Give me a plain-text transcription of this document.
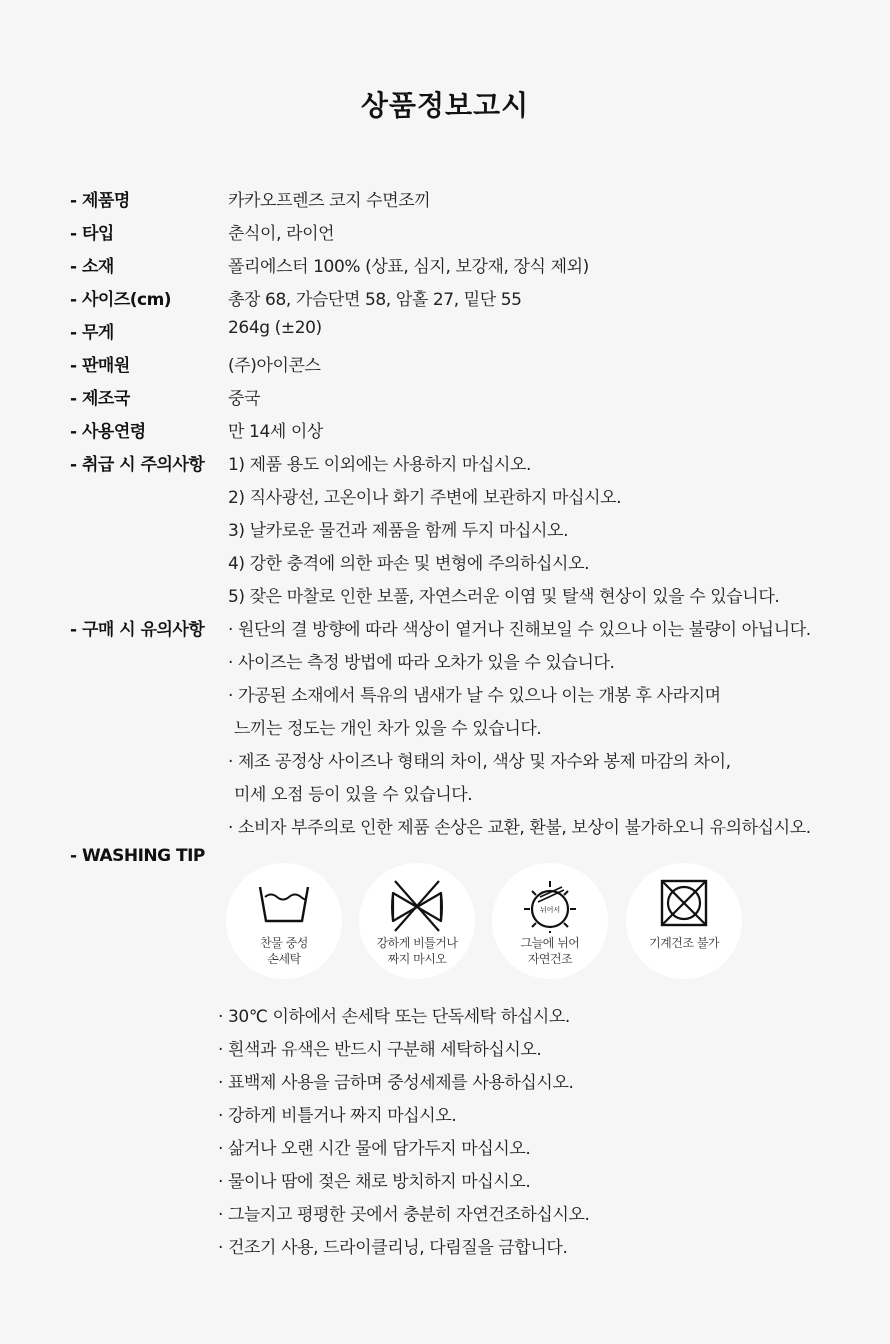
상품정보고시
- 제품명	카카오프렌즈 코지 수면조끼
- 타입	춘식이, 라이언
- 소재	폴리에스터 100% (상표, 심지, 보강재, 장식 제외)
- 사이즈(cm)	총장 68, 가슴단면 58, 암홀 27, 밑단 55
- 무게	264g (±20)
- 판매원	(주)아이콘스
- 제조국	중국
- 사용연령	만 14세 이상
- 취급 시 주의사항	1) 제품 용도 이외에는 사용하지 마십시오.
2) 직사광선, 고온이나 화기 주변에 보관하지 마십시오.
3) 날카로운 물건과 제품을 함께 두지 마십시오.
4) 강한 충격에 의한 파손 및 변형에 주의하십시오.
5) 잦은 마찰로 인한 보풀, 자연스러운 이염 및 탈색 현상이 있을 수 있습니다.
- 구매 시 유의사항	· 원단의 결 방향에 따라 색상이 옅거나 진해보일 수 있으나 이는 불량이 아닙니다.
· 사이즈는 측정 방법에 따라 오차가 있을 수 있습니다.
· 가공된 소재에서 특유의 냄새가 날 수 있으나 이는 개봉 후 사라지며
느끼는 정도는 개인 차가 있을 수 있습니다.
· 제조 공정상 사이즈나 형태의 차이, 색상 및 자수와 봉제 마감의 차이,
미세 오점 등이 있을 수 있습니다.
· 소비자 부주의로 인한 제품 손상은 교환, 환불, 보상이 불가하오니 유의하십시오.
- WASHING TIP
찬물 중성
손세탁
강하게 비틀거나
짜지 마시오
뉘어서
그늘에 뉘어
자연건조
기계건조 불가
· 30℃ 이하에서 손세탁 또는 단독세탁 하십시오.
· 흰색과 유색은 반드시 구분해 세탁하십시오.
· 표백제 사용을 금하며 중성세제를 사용하십시오.
· 강하게 비틀거나 짜지 마십시오.
· 삶거나 오랜 시간 물에 담가두지 마십시오.
· 물이나 땀에 젖은 채로 방치하지 마십시오.
· 그늘지고 평평한 곳에서 충분히 자연건조하십시오.
· 건조기 사용, 드라이클리닝, 다림질을 금합니다.
